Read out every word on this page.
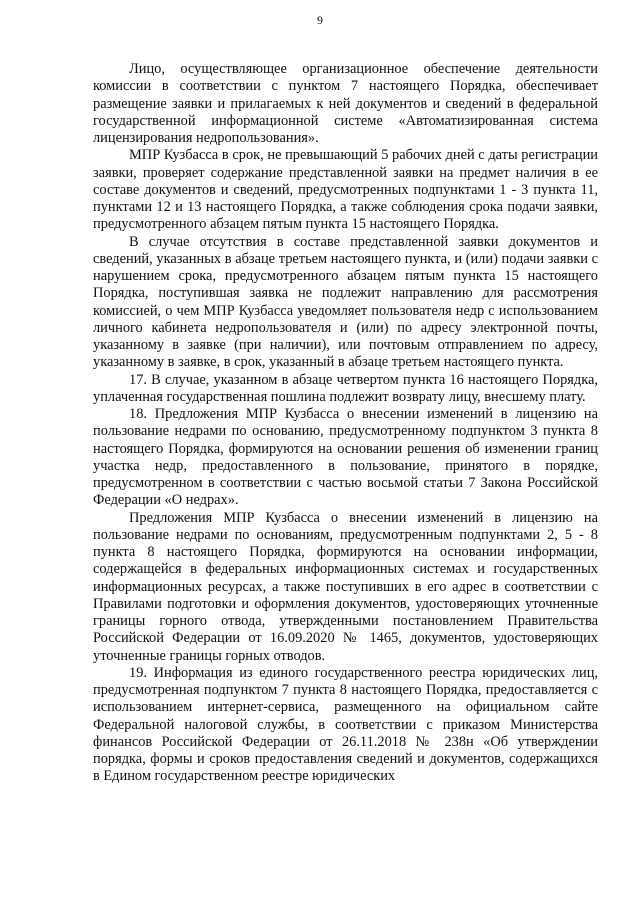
9

Лицо, осуществляющее организационное обеспечение деятельности комиссии в соответствии с пунктом 7 настоящего Порядка, обеспечивает размещение заявки и прилагаемых к ней документов и сведений в федеральной государственной информационной системе «Автоматизированная система лицензирования недропользования».

МПР Кузбасса в срок, не превышающий 5 рабочих дней с даты регистрации заявки, проверяет содержание представленной заявки на предмет наличия в ее составе документов и сведений, предусмотренных подпунктами 1 - 3 пункта 11, пунктами 12 и 13 настоящего Порядка, а также соблюдения срока подачи заявки, предусмотренного абзацем пятым пункта 15 настоящего Порядка.

В случае отсутствия в составе представленной заявки документов и сведений, указанных в абзаце третьем настоящего пункта, и (или) подачи заявки с нарушением срока, предусмотренного абзацем пятым пункта 15 настоящего Порядка, поступившая заявка не подлежит направлению для рассмотрения комиссией, о чем МПР Кузбасса уведомляет пользователя недр с использованием личного кабинета недропользователя и (или) по адресу электронной почты, указанному в заявке (при наличии), или почтовым отправлением по адресу, указанному в заявке, в срок, указанный в абзаце третьем настоящего пункта.

17. В случае, указанном в абзаце четвертом пункта 16 настоящего Порядка, уплаченная государственная пошлина подлежит возврату лицу, внесшему плату.

18. Предложения МПР Кузбасса о внесении изменений в лицензию на пользование недрами по основанию, предусмотренному подпунктом 3 пункта 8 настоящего Порядка, формируются на основании решения об изменении границ участка недр, предоставленного в пользование, принятого в порядке, предусмотренном в соответствии с частью восьмой статьи 7 Закона Российской Федерации «О недрах».

Предложения МПР Кузбасса о внесении изменений в лицензию на пользование недрами по основаниям, предусмотренным подпунктами 2, 5 - 8 пункта 8 настоящего Порядка, формируются на основании информации, содержащейся в федеральных информационных системах и государственных информационных ресурсах, а также поступивших в его адрес в соответствии с Правилами подготовки и оформления документов, удостоверяющих уточненные границы горного отвода, утвержденными постановлением Правительства Российской Федерации от 16.09.2020 № 1465, документов, удостоверяющих уточненные границы горных отводов.

19. Информация из единого государственного реестра юридических лиц, предусмотренная подпунктом 7 пункта 8 настоящего Порядка, предоставляется с использованием интернет-сервиса, размещенного на официальном сайте Федеральной налоговой службы, в соответствии с приказом Министерства финансов Российской Федерации от 26.11.2018 № 238н «Об утверждении порядка, формы и сроков предоставления сведений и документов, содержащихся в Едином государственном реестре юридических
